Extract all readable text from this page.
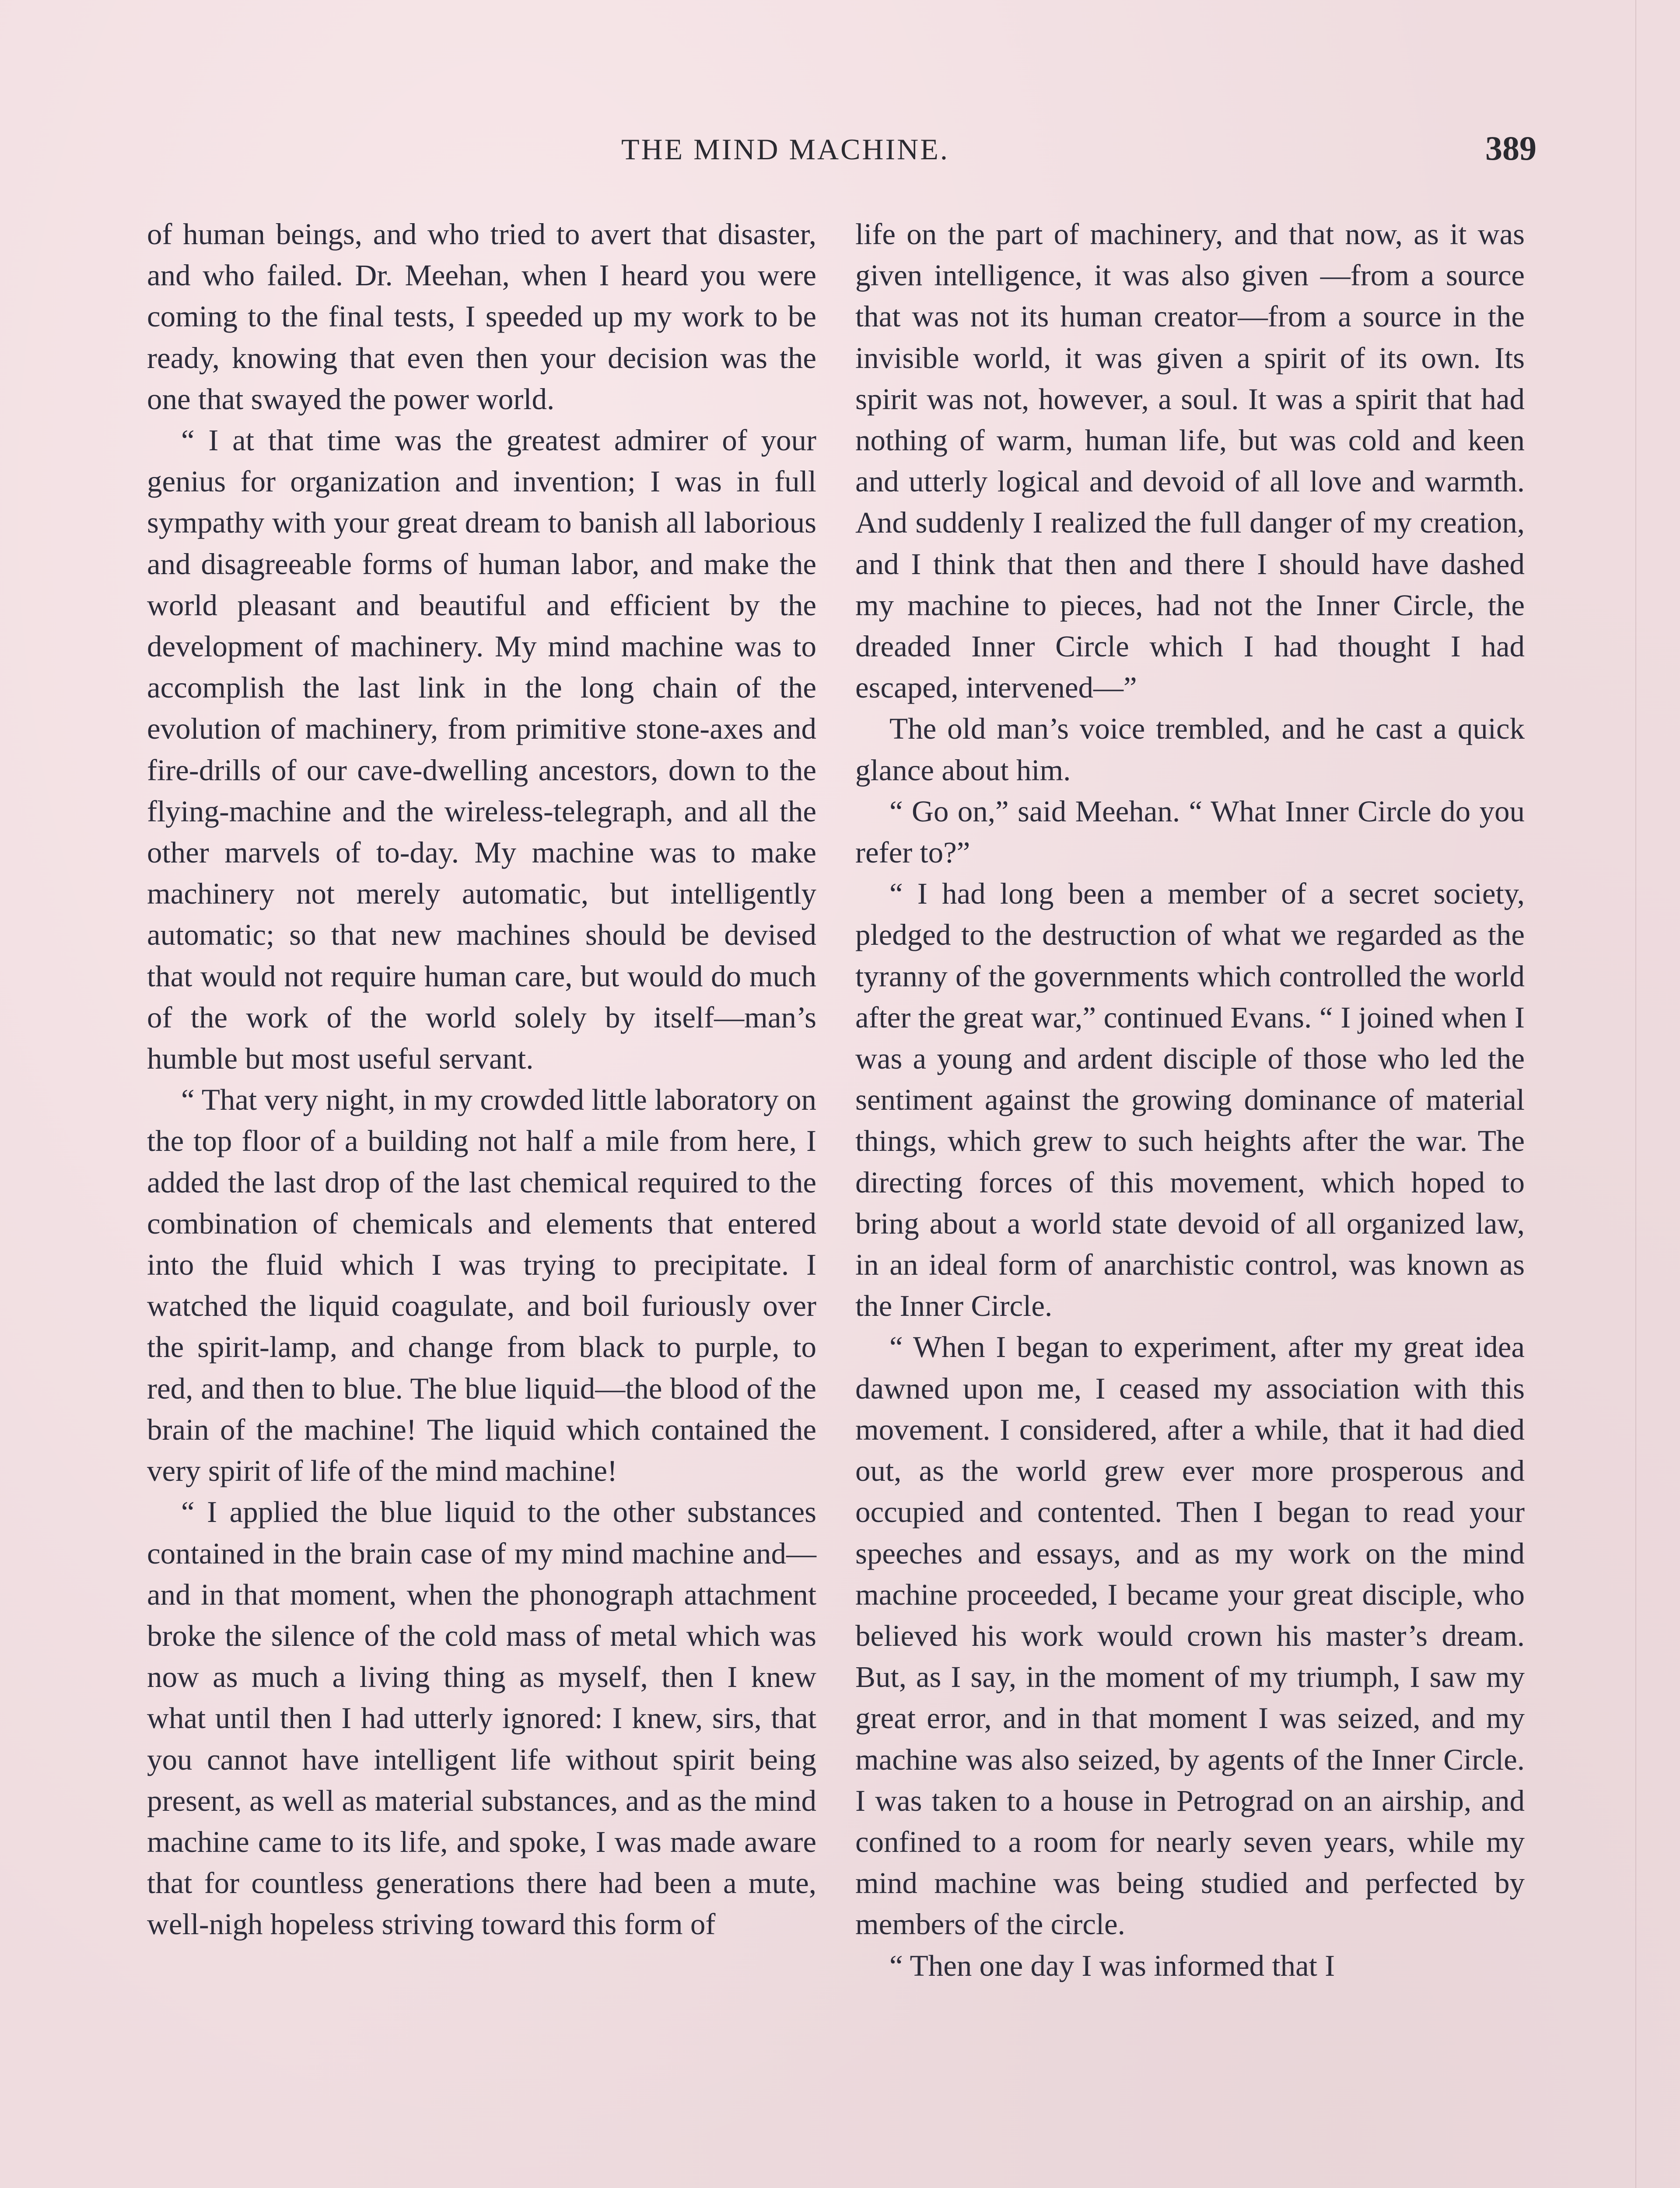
THE MIND MACHINE.	389

of human beings, and who tried to avert that disaster, and who failed. Dr. Meehan, when I heard you were coming to the final tests, I speeded up my work to be ready, knowing that even then your decision was the one that swayed the power world.

“ I at that time was the greatest admirer of your genius for organization and invention; I was in full sympathy with your great dream to banish all laborious and disagreeable forms of human labor, and make the world pleasant and beautiful and efficient by the development of machinery. My mind machine was to accomplish the last link in the long chain of the evolution of machinery, from primitive stone-axes and fire-drills of our cave-dwelling ancestors, down to the flying-machine and the wireless-telegraph, and all the other marvels of to-day. My machine was to make machinery not merely automatic, but intelligently automatic; so that new machines should be devised that would not require human care, but would do much of the work of the world solely by itself—man’s humble but most useful servant.

“ That very night, in my crowded little laboratory on the top floor of a building not half a mile from here, I added the last drop of the last chemical required to the combination of chemicals and elements that entered into the fluid which I was trying to precipitate. I watched the liquid coagulate, and boil furiously over the spirit-lamp, and change from black to purple, to red, and then to blue. The blue liquid—the blood of the brain of the machine! The liquid which contained the very spirit of life of the mind machine!

“ I applied the blue liquid to the other substances contained in the brain case of my mind machine and—and in that moment, when the phonograph attachment broke the silence of the cold mass of metal which was now as much a living thing as myself, then I knew what until then I had utterly ignored: I knew, sirs, that you cannot have intelligent life without spirit being present, as well as material substances, and as the mind machine came to its life, and spoke, I was made aware that for countless generations there had been a mute, well-nigh hopeless striving toward this form of

life on the part of machinery, and that now, as it was given intelligence, it was also given —from a source that was not its human creator—from a source in the invisible world, it was given a spirit of its own. Its spirit was not, however, a soul. It was a spirit that had nothing of warm, human life, but was cold and keen and utterly logical and devoid of all love and warmth. And suddenly I realized the full danger of my creation, and I think that then and there I should have dashed my machine to pieces, had not the Inner Circle, the dreaded Inner Circle which I had thought I had escaped, intervened—”

The old man’s voice trembled, and he cast a quick glance about him.

“ Go on,” said Meehan. “ What Inner Circle do you refer to?”

“ I had long been a member of a secret society, pledged to the destruction of what we regarded as the tyranny of the governments which controlled the world after the great war,” continued Evans. “ I joined when I was a young and ardent disciple of those who led the sentiment against the growing dominance of material things, which grew to such heights after the war. The directing forces of this movement, which hoped to bring about a world state devoid of all organized law, in an ideal form of anarchistic control, was known as the Inner Circle.

“ When I began to experiment, after my great idea dawned upon me, I ceased my association with this movement. I considered, after a while, that it had died out, as the world grew ever more prosperous and occupied and contented. Then I began to read your speeches and essays, and as my work on the mind machine proceeded, I became your great disciple, who believed his work would crown his master’s dream. But, as I say, in the moment of my triumph, I saw my great error, and in that moment I was seized, and my machine was also seized, by agents of the Inner Circle. I was taken to a house in Petrograd on an airship, and confined to a room for nearly seven years, while my mind machine was being studied and perfected by members of the circle.

“ Then one day I was informed that I
